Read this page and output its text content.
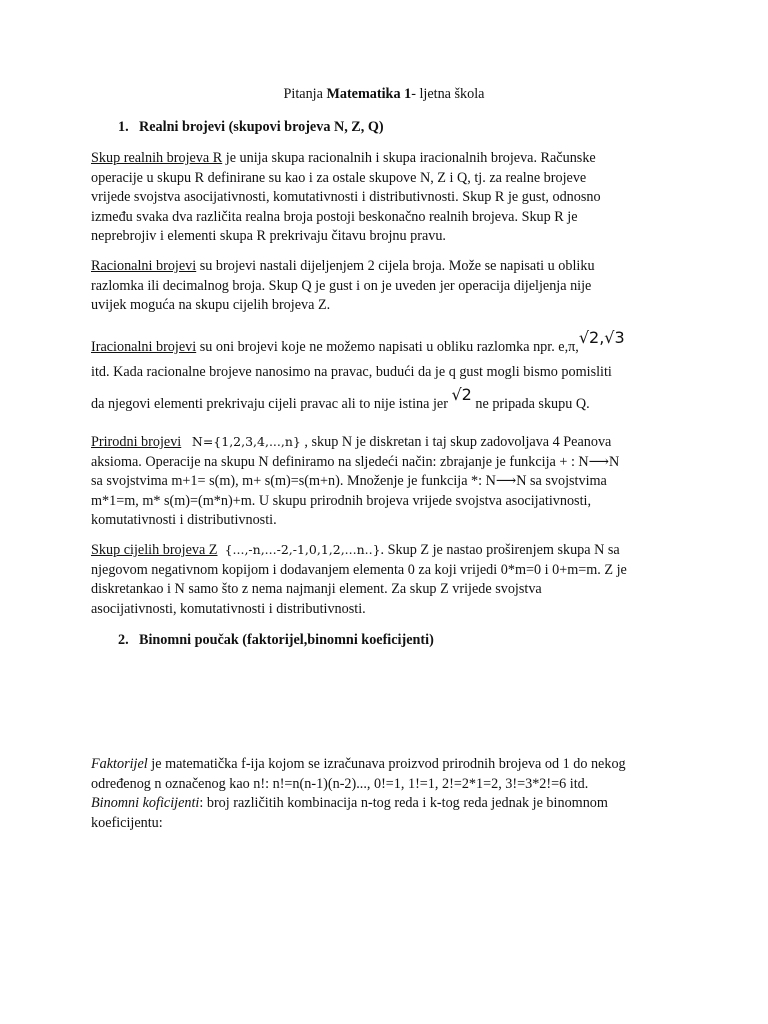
Pitanja Matematika 1- ljetna škola
1. Realni brojevi (skupovi brojeva N, Z, Q)

Skup realnih brojeva R je unija skupa racionalnih i skupa iracionalnih brojeva. Računske
operacije u skupu R definirane su kao i za ostale skupove N, Z i Q, tj. za realne brojeve
vrijede svojstva asocijativnosti, komutativnosti i distributivnosti. Skup R je gust, odnosno
između svaka dva različita realna broja postoji beskonačno realnih brojeva. Skup R je
neprebrojiv i elementi skupa R prekrivaju čitavu brojnu pravu.

Racionalni brojevi su brojevi nastali dijeljenjem 2 cijela broja. Može se napisati u obliku
razlomka ili decimalnog broja. Skup Q je gust i on je uveden jer operacija dijeljenja nije
uvijek moguća na skupu cijelih brojeva Z.

Iracionalni brojevi su oni brojevi koje ne možemo napisati u obliku razlomka npr. e,π,√2,√3

itd. Kada racionalne brojeve nanosimo na pravac, budući da je q gust mogli bismo pomisliti

da njegovi elementi prekrivaju cijeli pravac ali to nije istina jer √2 ne pripada skupu Q.

Prirodni brojevi N={1,2,3,4,...,n} , skup N je diskretan i taj skup zadovoljava 4 Peanova
aksioma. Operacije na skupu N definiramo na sljedeći način: zbrajanje je funkcija + : N⟶N
sa svojstvima m+1= s(m), m+ s(m)=s(m+n). Množenje je funkcija *: N⟶N sa svojstvima
m*1=m, m* s(m)=(m*n)+m. U skupu prirodnih brojeva vrijede svojstva asocijativnosti,
komutativnosti i distributivnosti.

Skup cijelih brojeva Z {...,-n,...-2,-1,0,1,2,...n..}. Skup Z je nastao proširenjem skupa N sa
njegovom negativnom kopijom i dodavanjem elementa 0 za koji vrijedi 0*m=0 i 0+m=m. Z je
diskretankao i N samo što z nema najmanji element. Za skup Z vrijede svojstva
asocijativnosti, komutativnosti i distributivnosti.

2. Binomni poučak (faktorijel,binomni koeficijenti)

Faktorijel je matematička f-ija kojom se izračunava proizvod prirodnih brojeva od 1 do nekog
određenog n označenog kao n!: n!=n(n-1)(n-2)..., 0!=1, 1!=1, 2!=2*1=2, 3!=3*2!=6 itd.
Binomni koficijenti: broj različitih kombinacija n-tog reda i k-tog reda jednak je binomnom
koeficijentu:
